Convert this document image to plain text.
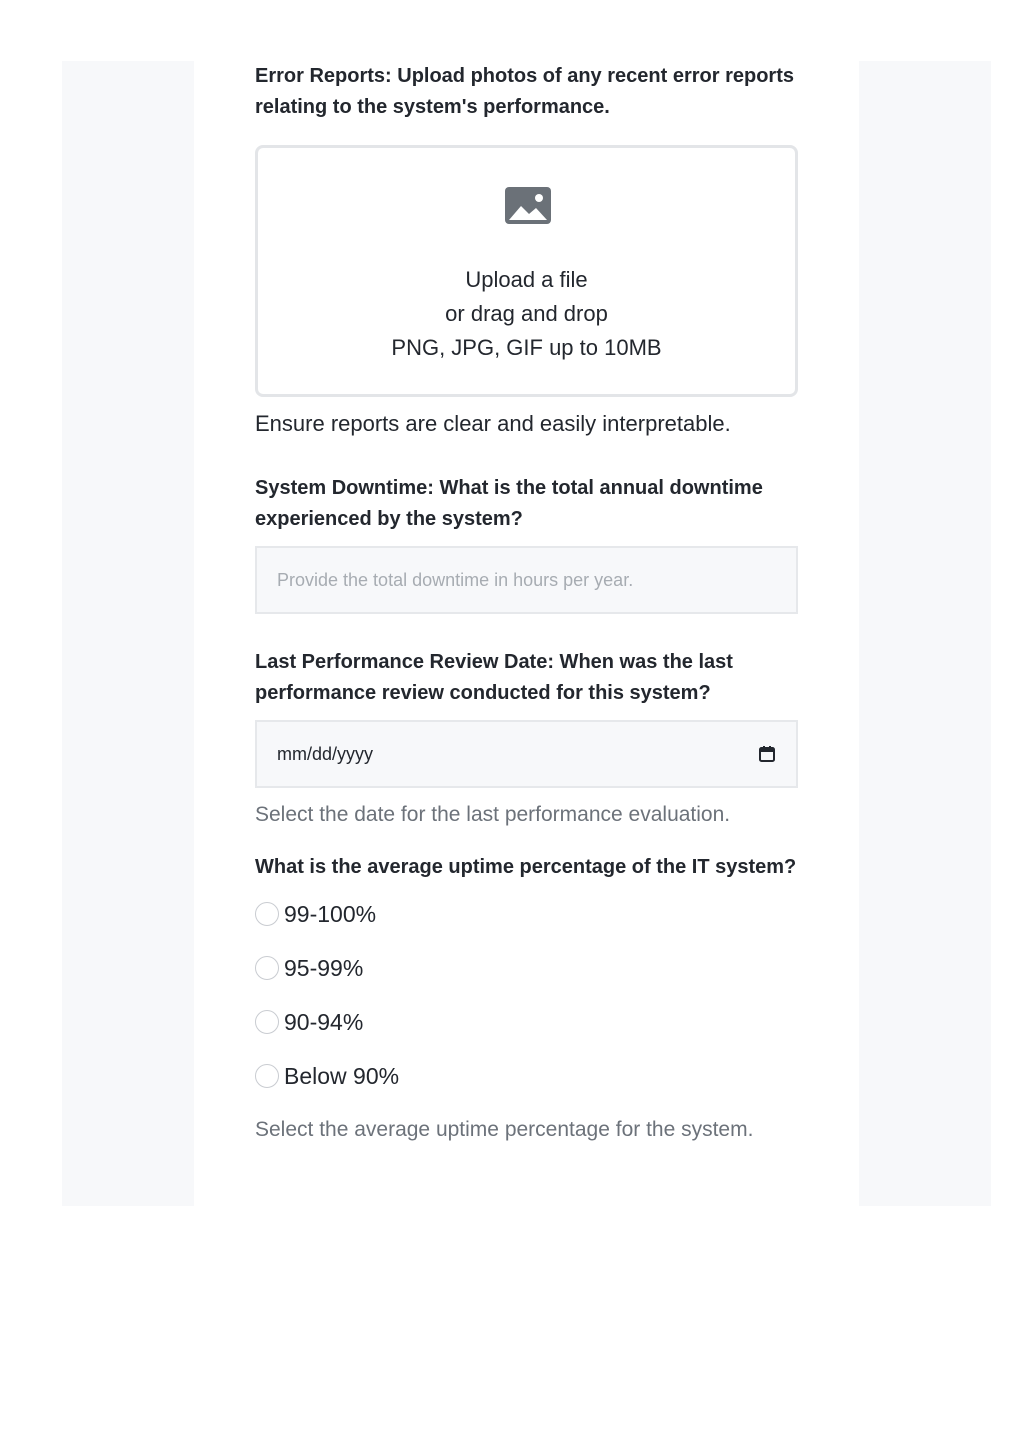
Error Reports: Upload photos of any recent error reports relating to the system's performance.

Upload a file
or drag and drop
PNG, JPG, GIF up to 10MB
Ensure reports are clear and easily interpretable.

System Downtime: What is the total annual downtime experienced by the system?

Provide the total downtime in hours per year.

Last Performance Review Date: When was the last performance review conducted for this system?

mm/dd/yyyy
Select the date for the last performance evaluation.

What is the average uptime percentage of the IT system?

99-100%
95-99%
90-94%
Below 90%
Select the average uptime percentage for the system.
